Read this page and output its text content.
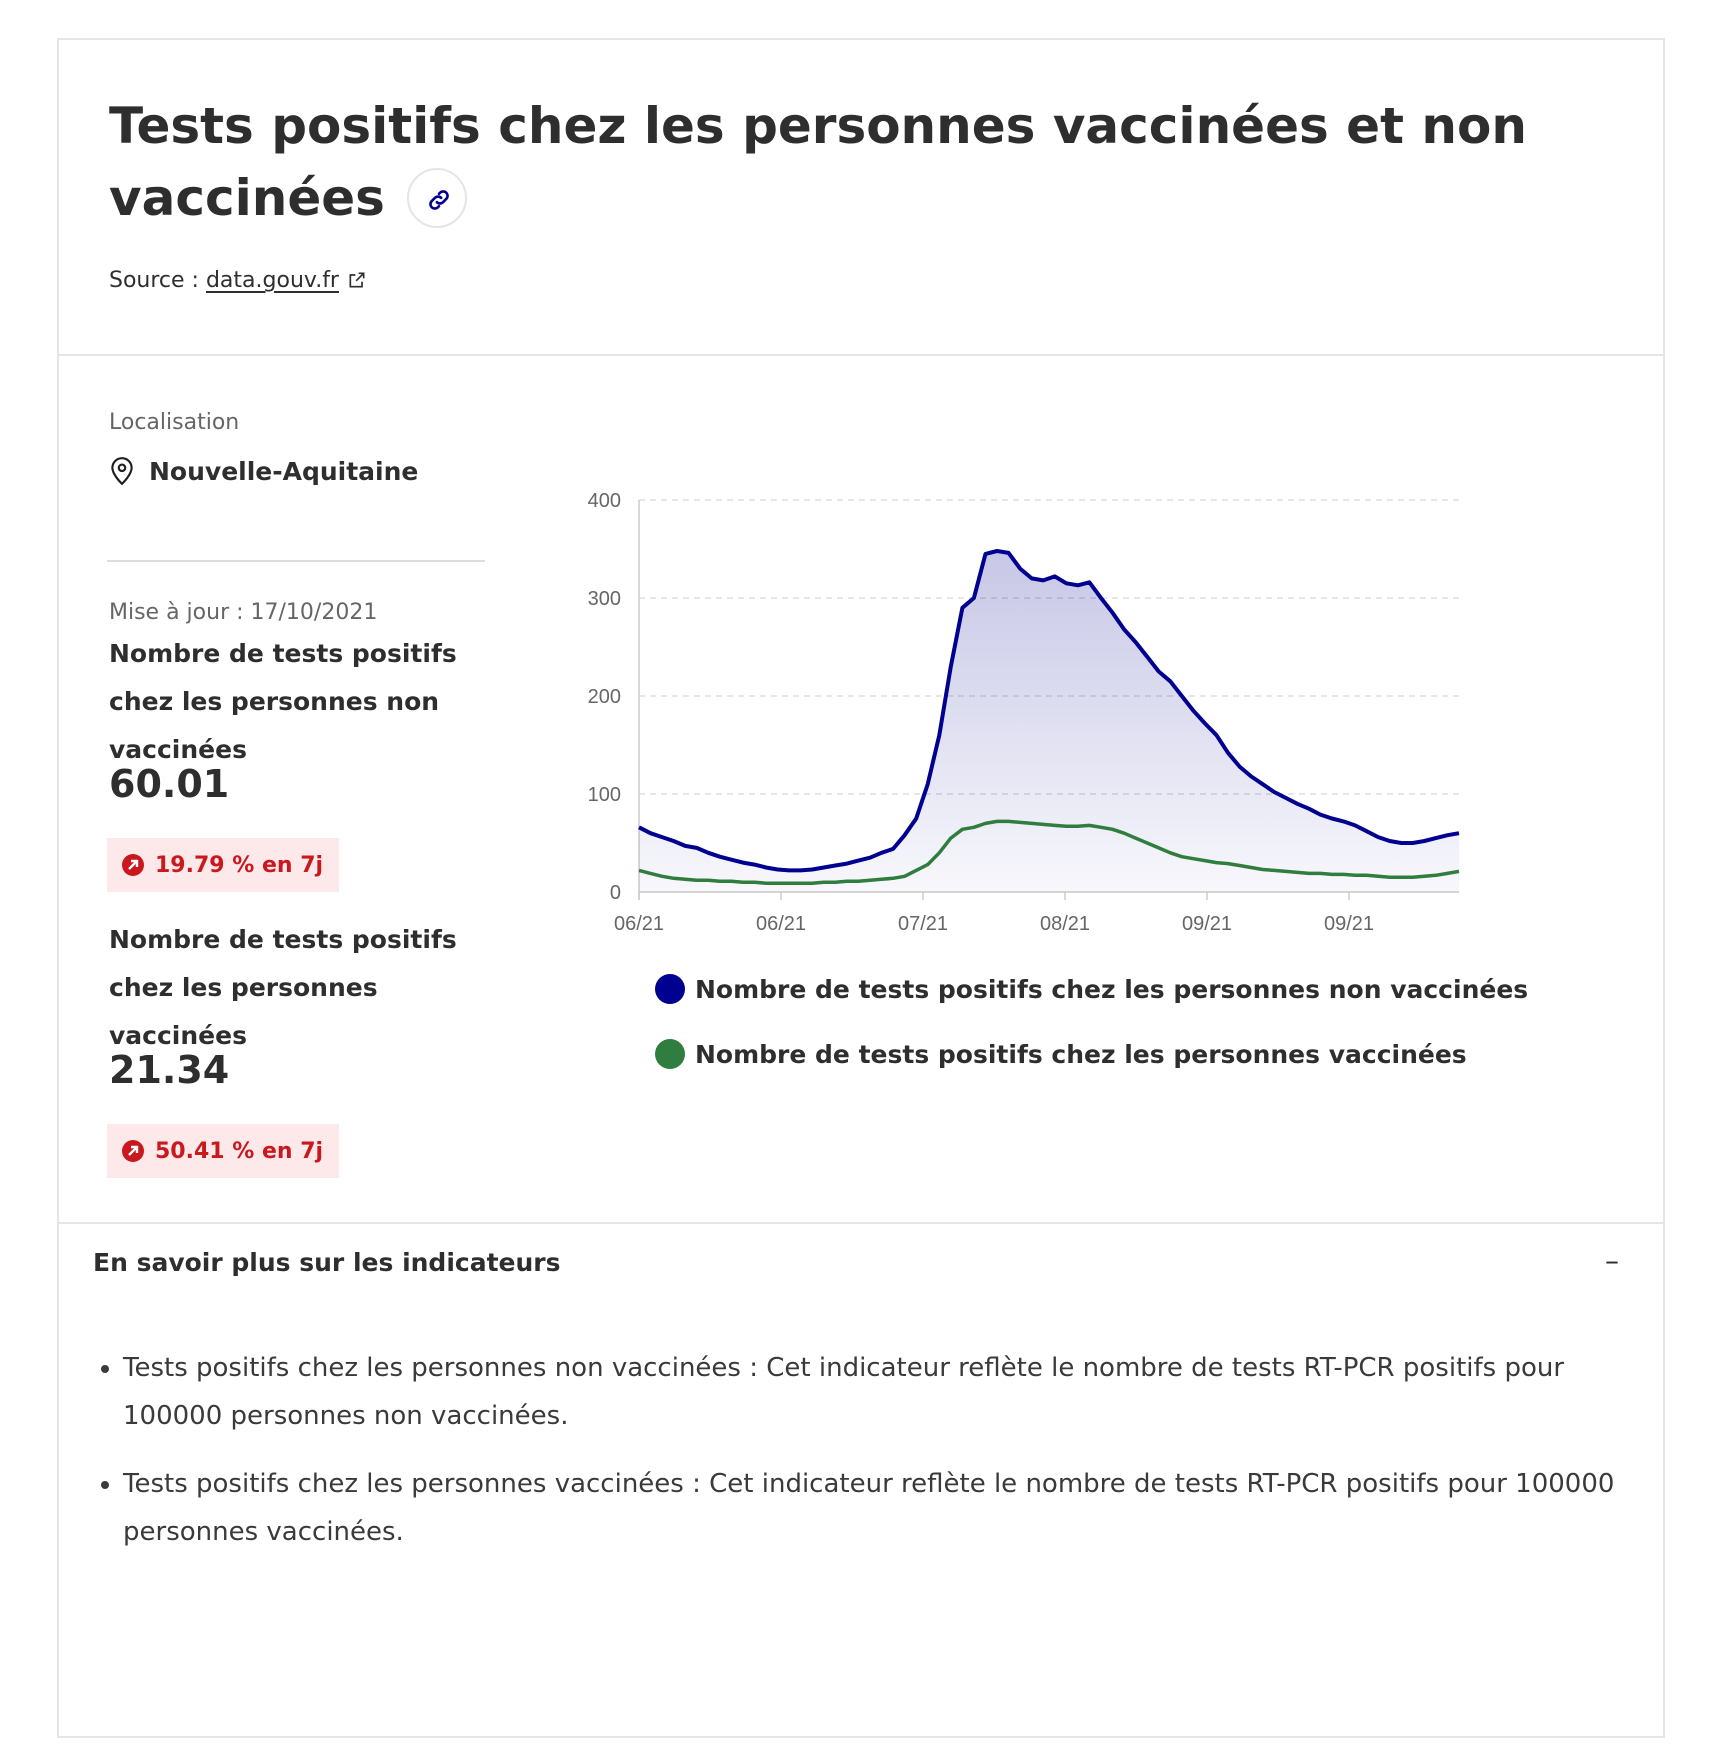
Tests positifs chez les personnes vaccinées et non vaccinées
Source : data.gouv.fr
Localisation
Nouvelle-Aquitaine
Mise à jour : 17/10/2021
Nombre de tests positifs chez les personnes non vaccinées
60.01
19.79 % en 7j
Nombre de tests positifs chez les personnes vaccinées
21.34
50.41 % en 7j
0
100
200
300
400
06/21	06/21	07/21	08/21	09/21	09/21
Nombre de tests positifs chez les personnes non vaccinées
Nombre de tests positifs chez les personnes vaccinées
En savoir plus sur les indicateurs	–
• Tests positifs chez les personnes non vaccinées : Cet indicateur reflète le nombre de tests RT-PCR positifs pour 100000 personnes non vaccinées.
• Tests positifs chez les personnes vaccinées : Cet indicateur reflète le nombre de tests RT-PCR positifs pour 100000 personnes vaccinées.
